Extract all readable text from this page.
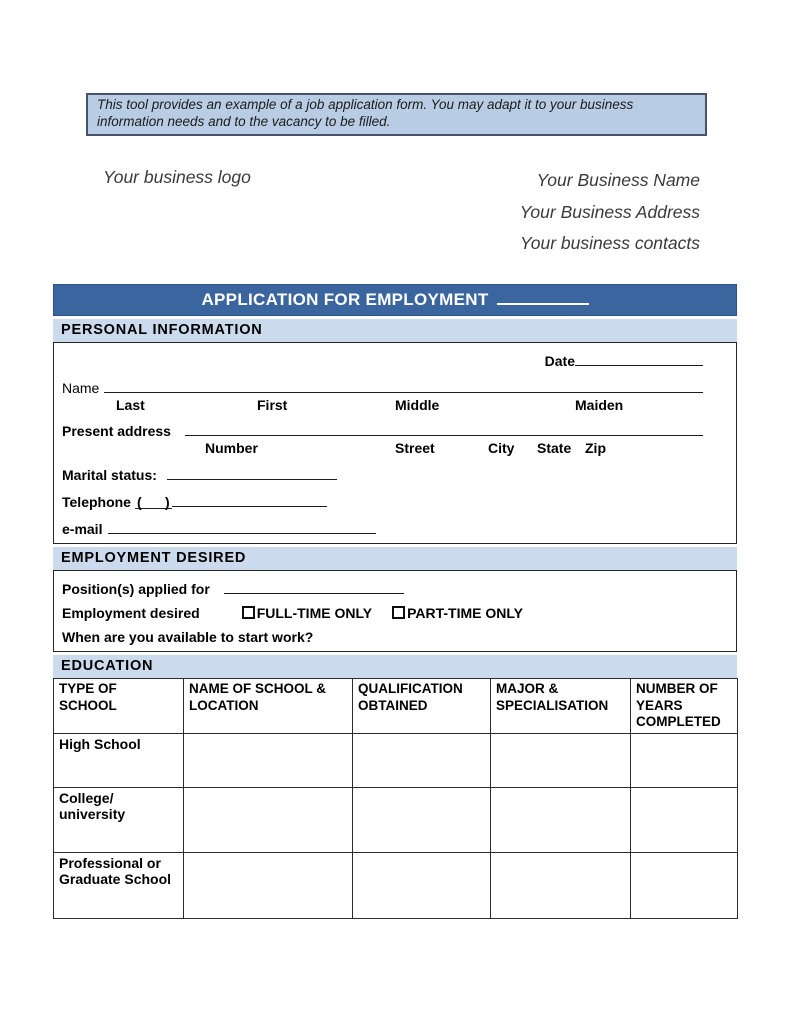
This tool provides an example of a job application form. You may adapt it to your business information needs and to the vacancy to be filled.
Your business logo	Your Business Name
Your Business Address
Your business contacts
APPLICATION FOR EMPLOYMENT
PERSONAL INFORMATION
Date
Name
Last	First	Middle	Maiden
Present address
Number	Street	City State Zip
Marital status:
Telephone (      )
e-mail
EMPLOYMENT DESIRED
Position(s) applied for
Employment desired	FULL-TIME ONLY	PART-TIME ONLY
When are you available to start work?
EDUCATION
TYPE OF SCHOOL	NAME OF SCHOOL & LOCATION	QUALIFICATION OBTAINED	MAJOR & SPECIALISATION	NUMBER OF YEARS COMPLETED
High School				
College/ university				
Professional or Graduate School				
